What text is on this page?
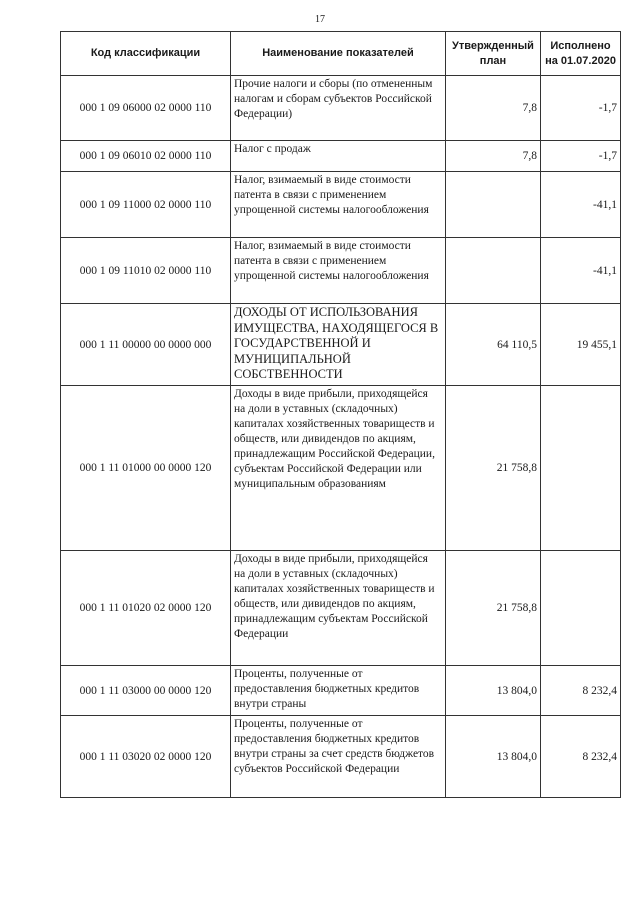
17
Код классификации	Наименование показателей	Утвержденный план	Исполнено на 01.07.2020
000 1 09 06000 02 0000 110	Прочие налоги и сборы (по отмененным налогам и сборам субъектов Российской Федерации)	7,8	-1,7
000 1 09 06010 02 0000 110	Налог с продаж	7,8	-1,7
000 1 09 11000 02 0000 110	Налог, взимаемый в виде стоимости патента в связи с применением упрощенной системы налогообложения		-41,1
000 1 09 11010 02 0000 110	Налог, взимаемый в виде стоимости патента в связи с применением упрощенной системы налогообложения		-41,1
000 1 11 00000 00 0000 000	ДОХОДЫ ОТ ИСПОЛЬЗОВАНИЯ ИМУЩЕСТВА, НАХОДЯЩЕГОСЯ В ГОСУДАРСТВЕННОЙ И МУНИЦИПАЛЬНОЙ СОБСТВЕННОСТИ	64 110,5	19 455,1
000 1 11 01000 00 0000 120	Доходы в виде прибыли, приходящейся на доли в уставных (складочных) капиталах хозяйственных товариществ и обществ, или дивидендов по акциям, принадлежащим Российской Федерации, субъектам Российской Федерации или муниципальным образованиям	21 758,8	
000 1 11 01020 02 0000 120	Доходы в виде прибыли, приходящейся на доли в уставных (складочных) капиталах хозяйственных товариществ и обществ, или дивидендов по акциям, принадлежащим субъектам Российской Федерации	21 758,8	
000 1 11 03000 00 0000 120	Проценты, полученные от предоставления бюджетных кредитов внутри страны	13 804,0	8 232,4
000 1 11 03020 02 0000 120	Проценты, полученные от предоставления бюджетных кредитов внутри страны за счет средств бюджетов субъектов Российской Федерации	13 804,0	8 232,4
